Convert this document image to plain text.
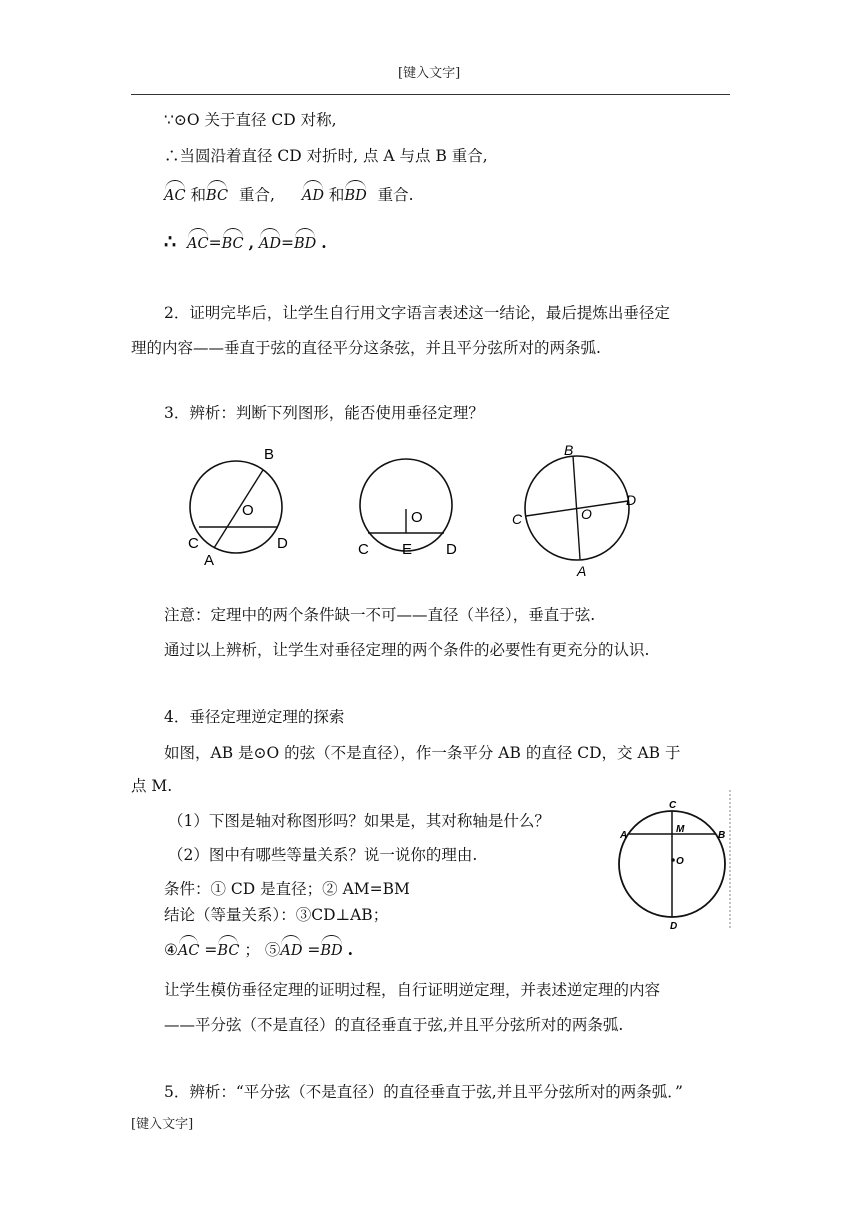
[键入文字]
∵⊙O 关于直径 CD 对称,
∴当圆沿着直径 CD 对折时, 点 A 与点 B 重合,
AC 和BC 重合, AD 和BD 重合.
∴ AC=BC , AD=BD .
2．证明完毕后，让学生自行用文字语言表述这一结论，最后提炼出垂径定
理的内容——垂直于弦的直径平分这条弦，并且平分弦所对的两条弧.
3．辨析：判断下列图形，能否使用垂径定理？
B
O
C	D
A
O
C E D
B
C	O
D
A
注意：定理中的两个条件缺一不可——直径（半径），垂直于弦.
通过以上辨析，让学生对垂径定理的两个条件的必要性有更充分的认识.
4．垂径定理逆定理的探索
如图，AB 是⊙O 的弦（不是直径），作一条平分 AB 的直径 CD，交 AB 于
点 M.
（1）下图是轴对称图形吗？如果是，其对称轴是什么？
（2）图中有哪些等量关系？说一说你的理由.
条件：① CD 是直径；② AM=BM
结论（等量关系）：③CD⊥AB；
④AC =BC ； ⑤AD =BD .
C
M
A	B
O
D
让学生模仿垂径定理的证明过程，自行证明逆定理，并表述逆定理的内容
——平分弦（不是直径）的直径垂直于弦,并且平分弦所对的两条弧.
5．辨析：“平分弦（不是直径）的直径垂直于弦,并且平分弦所对的两条弧．”
[键入文字]
